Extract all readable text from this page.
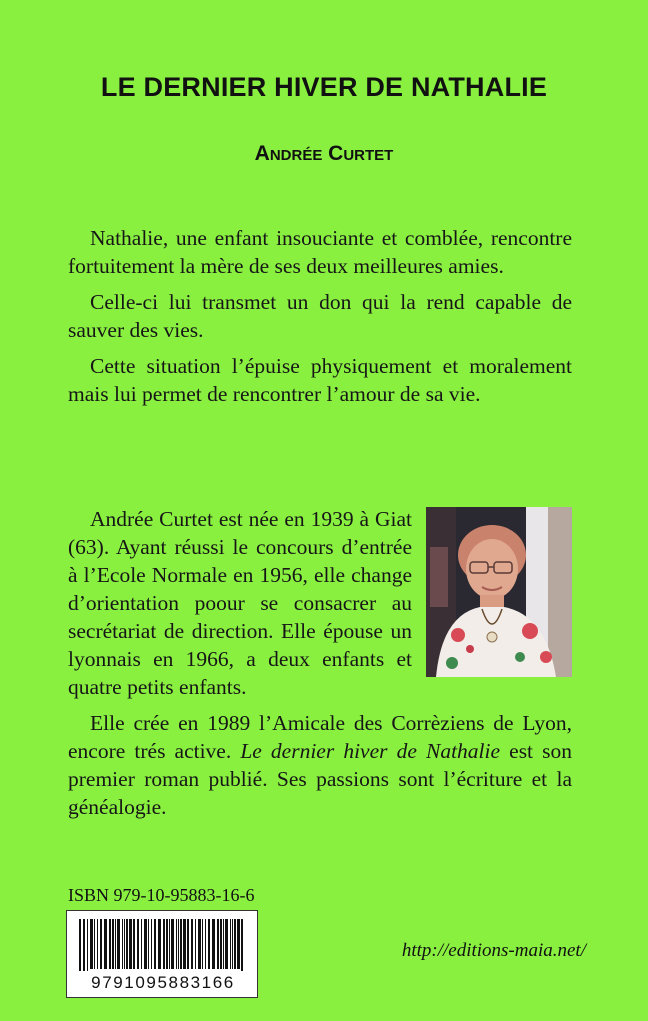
LE DERNIER HIVER DE NATHALIE
Andrée Curtet

Nathalie, une enfant insouciante et comblée, rencontre fortuitement la mère de ses deux meilleures amies.

Celle-ci lui transmet un don qui la rend capable de sauver des vies.

Cette situation l’épuise physiquement et moralement mais lui permet de rencontrer l’amour de sa vie.

Andrée Curtet est née en 1939 à Giat (63). Ayant réussi le concours d’entrée à l’Ecole Normale en 1956, elle change d’orientation poour se consacrer au secrétariat de direction. Elle épouse un lyonnais en 1966, a deux enfants et quatre petits enfants.

Elle crée en 1989 l’Amicale des Corrèziens de Lyon, encore trés active. Le dernier hiver de Nathalie est son premier roman publié. Ses passions sont l’écriture et la généalogie.

ISBN 979-10-95883-16-6

9791095883166

http://editions-maia.net/
